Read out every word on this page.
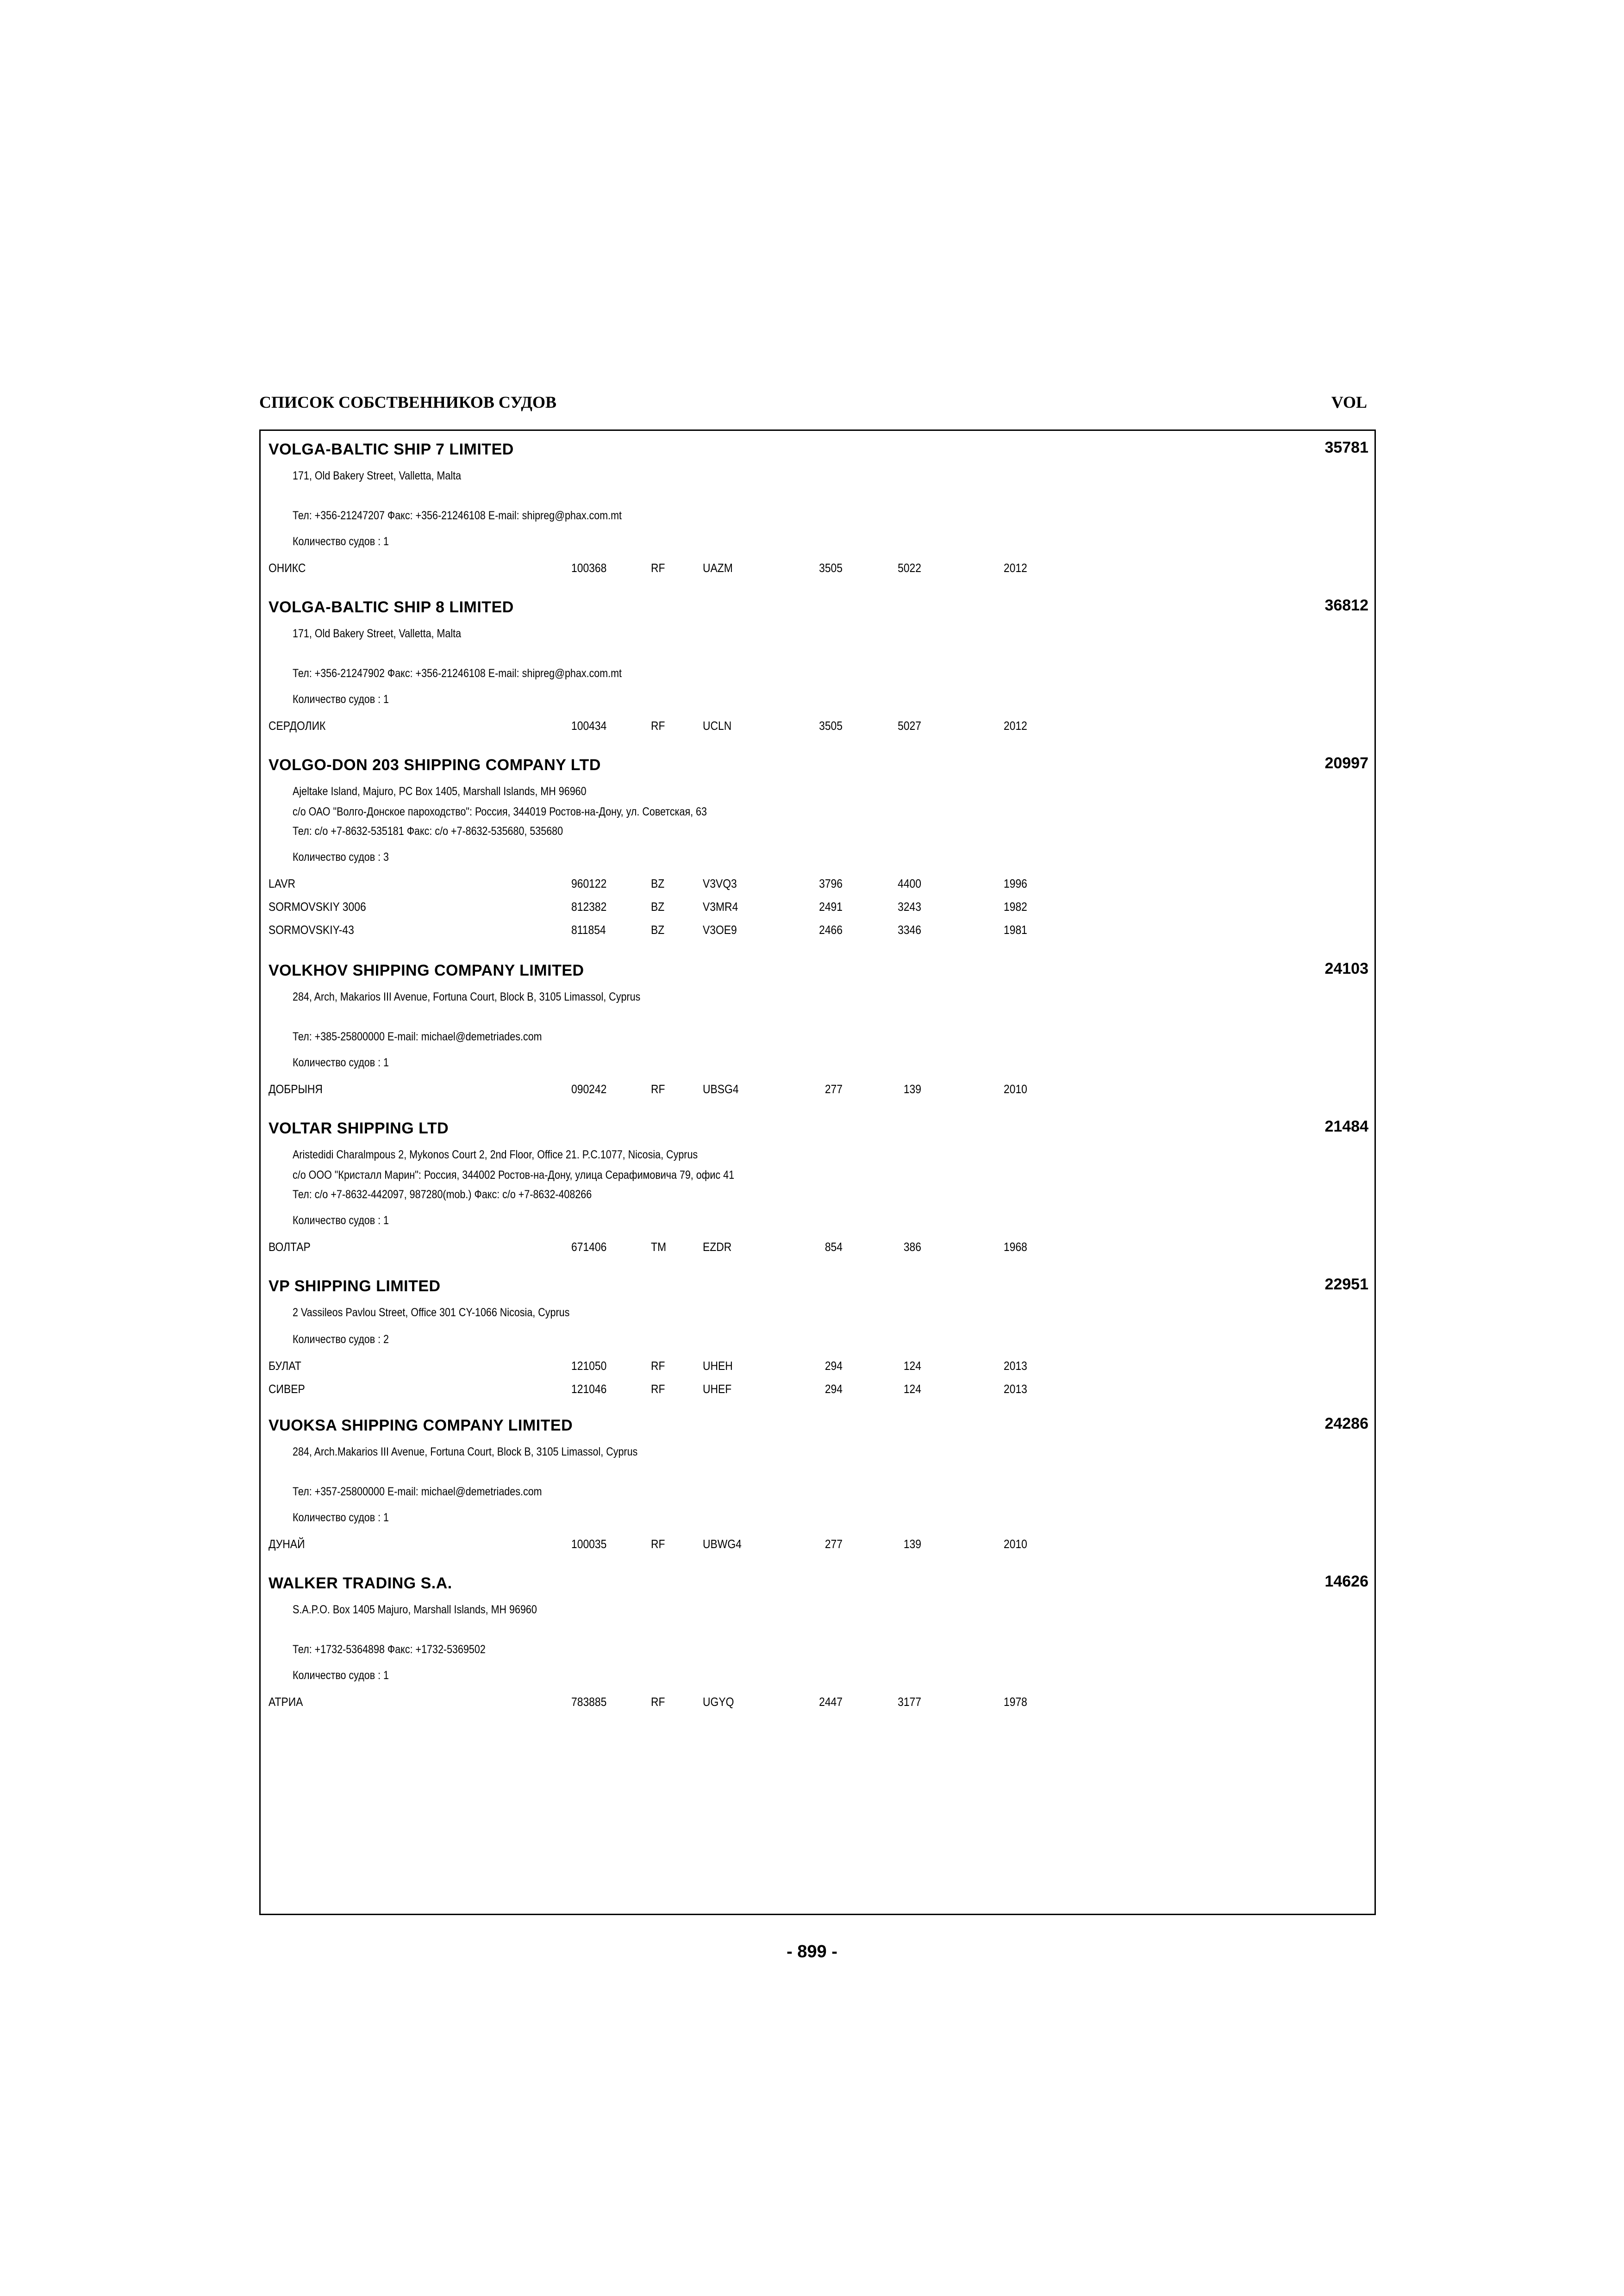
СПИСОК СОБСТВЕННИКОВ СУДОВ	VOL
VOLGA-BALTIC SHIP 7 LIMITED	35781
171, Old Bakery Street, Valletta, Malta
Тел: +356-21247207 Факс: +356-21246108 E-mail: shipreg@phax.com.mt
Количество судов : 1
ОНИКС	100368	RF	UAZM	3505	5022	2012
VOLGA-BALTIC SHIP 8 LIMITED	36812
171, Old Bakery Street, Valletta, Malta
Тел: +356-21247902 Факс: +356-21246108 E-mail: shipreg@phax.com.mt
Количество судов : 1
СЕРДОЛИК	100434	RF	UCLN	3505	5027	2012
VOLGO-DON 203 SHIPPING COMPANY LTD	20997
Ajeltake Island, Majuro, PC Box 1405, Marshall Islands, MH 96960
c/o ОАО "Волго-Донское пароходство": Россия, 344019 Ростов-на-Дону, ул. Советская, 63
Тел: c/o +7-8632-535181 Факс: c/o +7-8632-535680, 535680
Количество судов : 3
LAVR	960122	BZ	V3VQ3	3796	4400	1996
SORMOVSKIY 3006	812382	BZ	V3MR4	2491	3243	1982
SORMOVSKIY-43	811854	BZ	V3OE9	2466	3346	1981
VOLKHOV SHIPPING COMPANY LIMITED	24103
284, Arch, Makarios III Avenue, Fortuna Court, Block B, 3105 Limassol, Cyprus
Тел: +385-25800000 E-mail: michael@demetriades.com
Количество судов : 1
ДОБРЫНЯ	090242	RF	UBSG4	277	139	2010
VOLTAR SHIPPING LTD	21484
Aristedidi Charalmpous 2, Mykonos Court 2, 2nd Floor, Office 21. P.C.1077, Nicosia, Cyprus
c/o ООО "Кристалл Марин": Россия, 344002 Ростов-на-Дону, улица Серафимовича 79, офис 41
Тел: c/o +7-8632-442097, 987280(mob.) Факс: c/o +7-8632-408266
Количество судов : 1
ВОЛТАР	671406	TM	EZDR	854	386	1968
VP SHIPPING LIMITED	22951
2 Vassileos Pavlou Street, Office 301 CY-1066 Nicosia, Cyprus
Количество судов : 2
БУЛАТ	121050	RF	UHEH	294	124	2013
СИВЕР	121046	RF	UHEF	294	124	2013
VUOKSA SHIPPING COMPANY LIMITED	24286
284, Arch.Makarios III Avenue, Fortuna Court, Block B, 3105 Limassol, Cyprus
Тел: +357-25800000 E-mail: michael@demetriades.com
Количество судов : 1
ДУНАЙ	100035	RF	UBWG4	277	139	2010
WALKER TRADING S.A.	14626
S.A.P.O. Box 1405 Majuro, Marshall Islands, MH 96960
Тел: +1732-5364898 Факс: +1732-5369502
Количество судов : 1
АТРИА	783885	RF	UGYQ	2447	3177	1978
- 899 -
